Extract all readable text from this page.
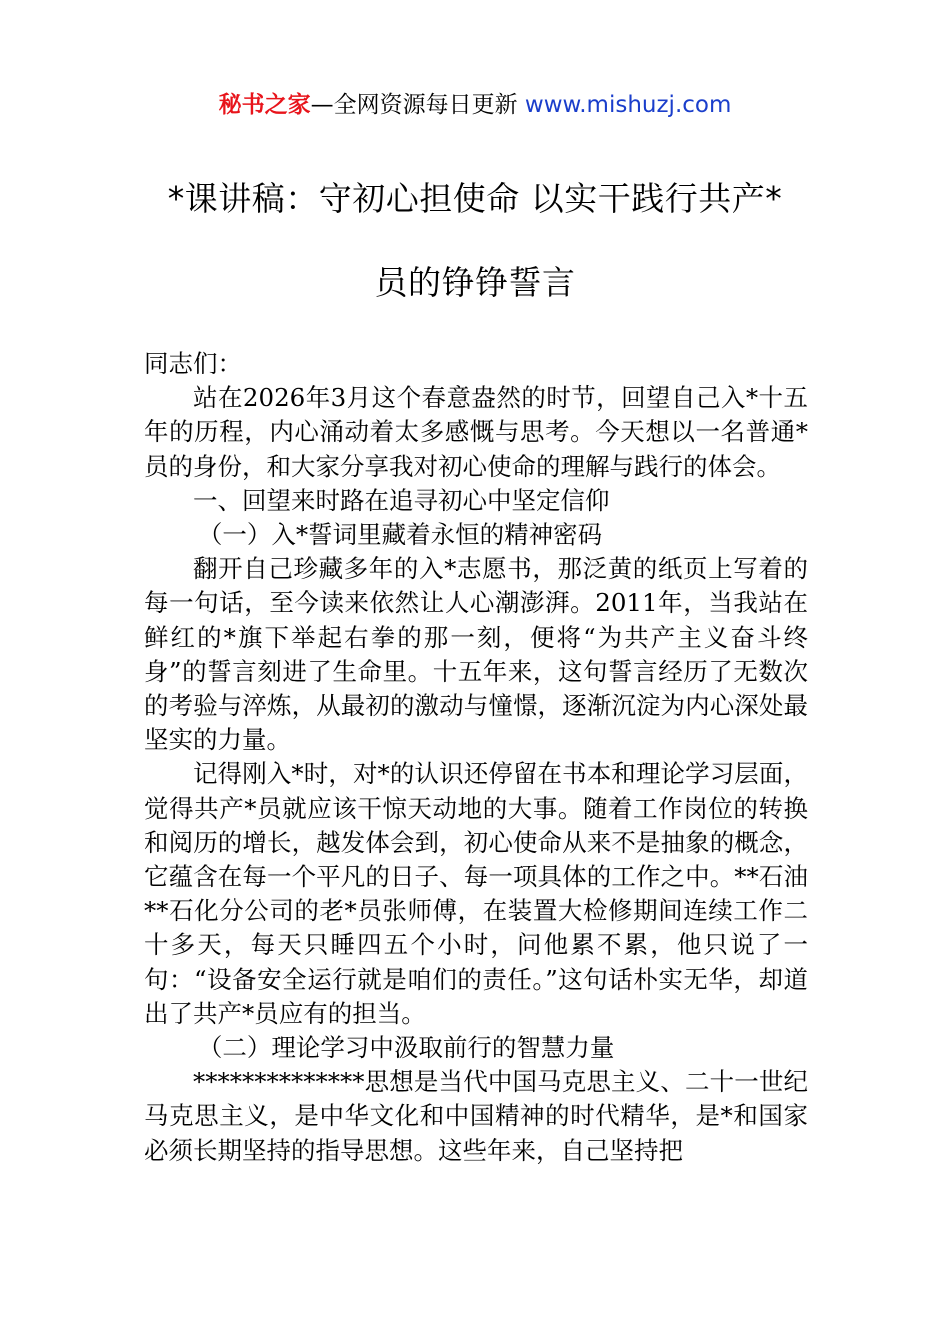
秘书之家—全网资源每日更新 www.mishuzj.com
*课讲稿：守初心担使命 以实干践行共产*
员的铮铮誓言

同志们：

站在2026年3月这个春意盎然的时节，回望自己入*十五年的历程，内心涌动着太多感慨与思考。今天想以一名普通*员的身份，和大家分享我对初心使命的理解与践行的体会。

一、回望来时路在追寻初心中坚定信仰

（一）入*誓词里藏着永恒的精神密码

翻开自己珍藏多年的入*志愿书，那泛黄的纸页上写着的每一句话，至今读来依然让人心潮澎湃。2011年，当我站在鲜红的*旗下举起右拳的那一刻，便将“为共产主义奋斗终身”的誓言刻进了生命里。十五年来，这句誓言经历了无数次的考验与淬炼，从最初的激动与憧憬，逐渐沉淀为内心深处最坚实的力量。

记得刚入*时，对*的认识还停留在书本和理论学习层面，觉得共产*员就应该干惊天动地的大事。随着工作岗位的转换和阅历的增长，越发体会到，初心使命从来不是抽象的概念，它蕴含在每一个平凡的日子、每一项具体的工作之中。**石油**石化分公司的老*员张师傅，在装置大检修期间连续工作二十多天，每天只睡四五个小时，问他累不累，他只说了一句：“设备安全运行就是咱们的责任。”这句话朴实无华，却道出了共产*员应有的担当。

（二）理论学习中汲取前行的智慧力量

**************思想是当代中国马克思主义、二十一世纪马克思主义，是中华文化和中国精神的时代精华，是*和国家必须长期坚持的指导思想。这些年来，自己坚持把
